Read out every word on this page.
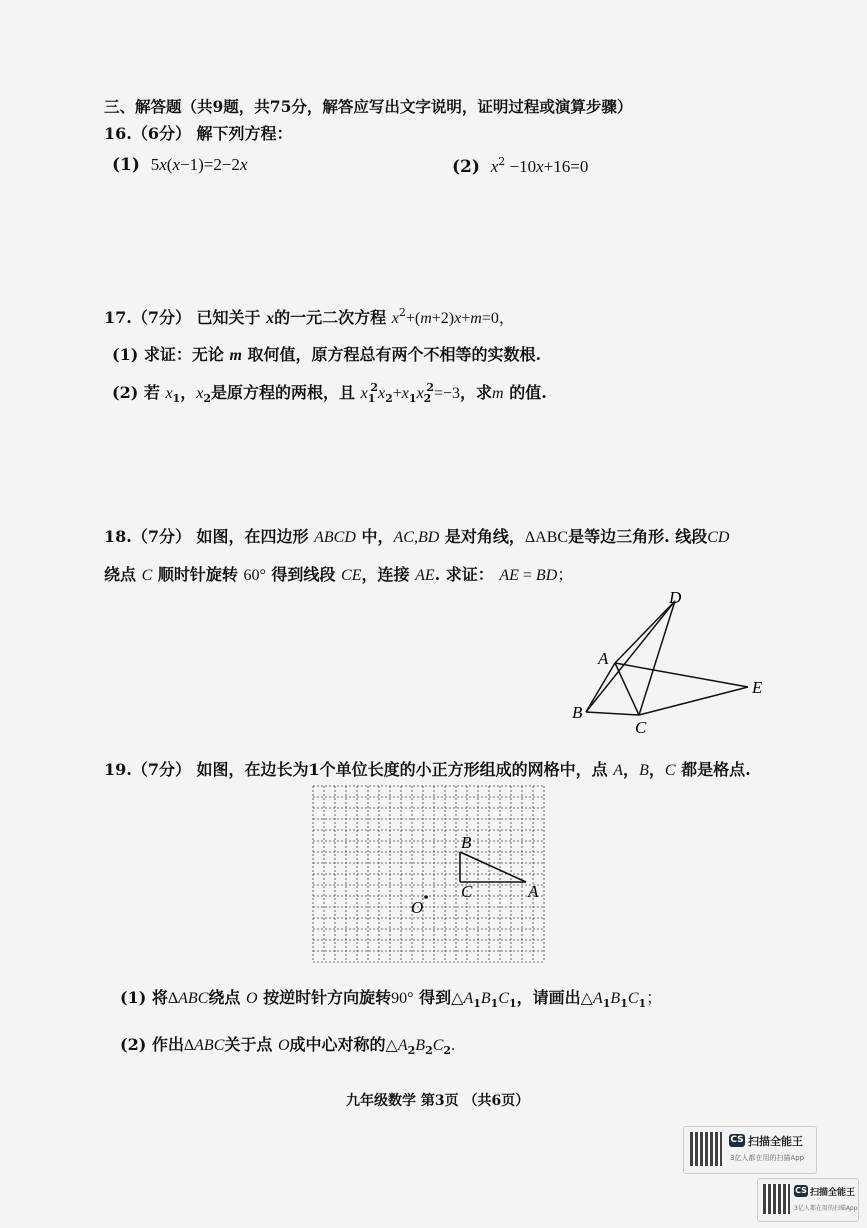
三、解答题（共9题，共75分，解答应写出文字说明，证明过程或演算步骤）
16.（6分） 解下列方程：
(1) 5x(x−1)=2−2x	(2) $x^2 -10x+16=0$
17.（7分） 已知关于 x的一元二次方程 $x^2+(m+2)x+m=0$，
(1) 求证：无论 m 取何值，原方程总有两个不相等的实数根.
(2) 若 $x_1$，$x_2$是原方程的两根，且 $x_1^2x_2+x_1x_2^2=-3$，求m 的值.
18.（7分） 如图，在四边形 ABCD 中，AC,BD 是对角线，ΔABC是等边三角形. 线段CD
绕点 C 顺时针旋转 60° 得到线段 CE，连接 AE. 求证： AE = BD；
D
A
E
B
C
19.（7分） 如图，在边长为1个单位长度的小正方形组成的网格中，点 A，B，C 都是格点.
B
C	A
O
(1) 将ΔABC绕点 O 按逆时针方向旋转90° 得到$\triangle A_1B_1C_1$，请画出$\triangle A_1B_1C_1$；
(2) 作出ΔABC关于点 O成中心对称的$\triangle A_2B_2C_2$.
九年级数学 第3页 （共6页）
CS 扫描全能王
3亿人都在用的扫描App
CS 扫描全能王
3亿人都在用的扫描App
